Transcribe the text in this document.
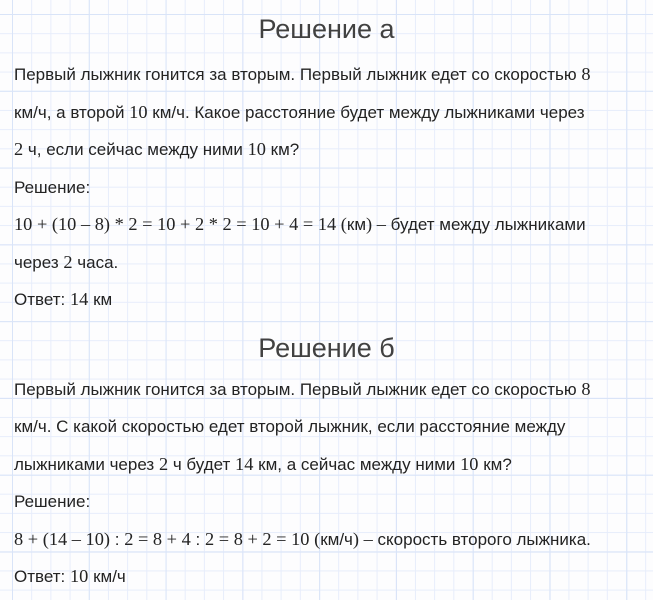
Решение а
Первый лыжник гонится за вторым. Первый лыжник едет со скоростью 8
км/ч, а второй 10 км/ч. Какое расстояние будет между лыжниками через
2 ч, если сейчас между ними 10 км?
Решение:
10 + (10 – 8) * 2 = 10 + 2 * 2 = 10 + 4 = 14 (км) – будет между лыжниками
через 2 часа.
Ответ: 14 км
Решение б
Первый лыжник гонится за вторым. Первый лыжник едет со скоростью 8
км/ч. С какой скоростью едет второй лыжник, если расстояние между
лыжниками через 2 ч будет 14 км, а сейчас между ними 10 км?
Решение:
8 + (14 – 10) : 2 = 8 + 4 : 2 = 8 + 2 = 10 (км/ч) – скорость второго лыжника.
Ответ: 10 км/ч
